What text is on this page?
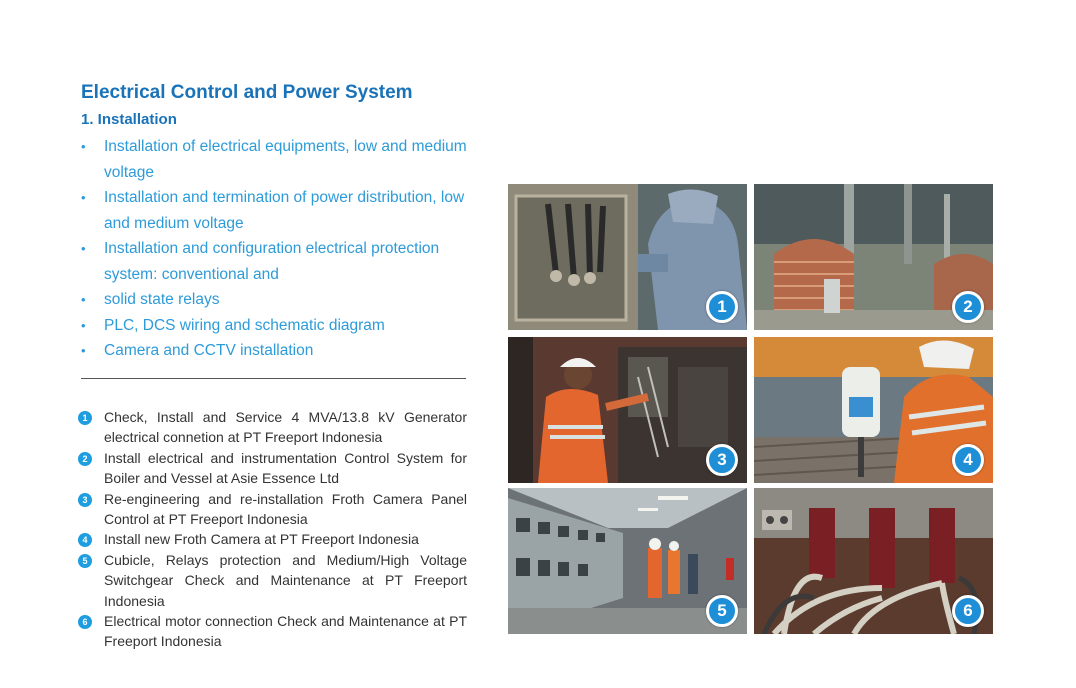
Electrical Control and Power System
1. Installation
•	Installation of electrical equipments, low and medium voltage
•	Installation and termination of power distribution, low and medium voltage
•	Installation and configuration electrical protection system: conventional and
•	solid state relays
•	PLC, DCS wiring and schematic diagram
•	Camera and CCTV installation
1	Check, Install and Service 4 MVA/13.8 kV Generator electrical connetion at PT Freeport Indonesia
2	Install electrical and instrumentation Control System for Boiler and Vessel at Asie Essence Ltd
3	Re-engineering and re-installation Froth Camera Panel Control at PT Freeport Indonesia
4	Install new Froth Camera at PT Freeport Indonesia
5	Cubicle, Relays protection and Medium/High Voltage Switchgear Check and Maintenance at PT Freeport Indonesia
6	Electrical motor connection Check and Maintenance at PT Freeport Indonesia
1	2
3	4
5	6
